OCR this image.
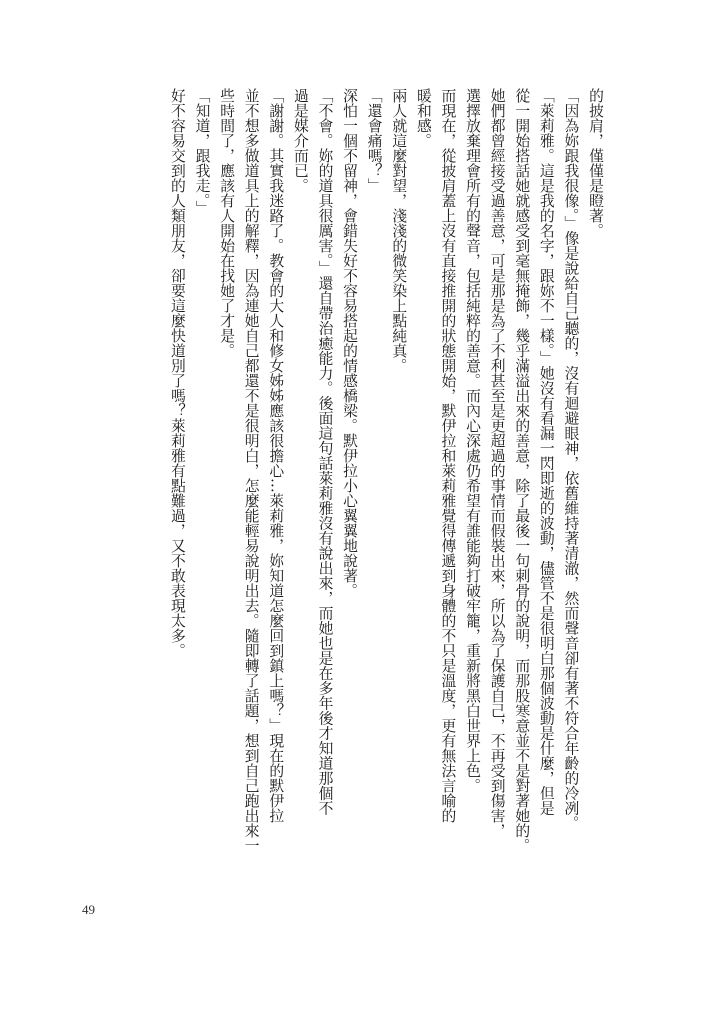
的披肩，僅僅是瞪著。
「因為妳跟我很像。」像是說給自己聽的，沒有迴避眼神，依舊維持著清澈，然而聲音卻有著不符合年齡的冷冽。
「萊莉雅。這是我的名字，跟妳不一樣。」她沒有看漏一閃即逝的波動，儘管不是很明白那個波動是什麼，但是
從一開始搭話她就感受到毫無掩飾，幾乎滿溢出來的善意，除了最後一句刺骨的說明，而那股寒意並不是對著她的。
她們都曾經接受過善意，可是那是為了不利甚至是更超過的事情而假裝出來，所以為了保護自己，不再受到傷害，
選擇放棄理會所有的聲音，包括純粹的善意。而內心深處仍希望有誰能夠打破牢籠，重新將黑白世界上色。
而現在，從披肩蓋上沒有直接推開的狀態開始，默伊拉和萊莉雅覺得傳遞到身體的不只是溫度，更有無法言喻的
暖和感。
兩人就這麼對望，淺淺的微笑染上點純真。
「還會痛嗎？」
深怕一個不留神，會錯失好不容易搭起的情感橋梁。默伊拉小心翼翼地說著。
「不會。妳的道具很厲害。」還自帶治癒能力。後面這句話萊莉雅沒有說出來，而她也是在多年後才知道那個不
過是媒介而已。
「謝謝。其實我迷路了。教會的大人和修女姊姊應該很擔心…萊莉雅，妳知道怎麼回到鎮上嗎？」現在的默伊拉
並不想多做道具上的解釋，因為連她自己都還不是很明白，怎麼能輕易說明出去。隨即轉了話題，想到自己跑出來一
些時間了，應該有人開始在找她了才是。
「知道，跟我走。」
好不容易交到的人類朋友，卻要這麼快道別了嗎？萊莉雅有點難過，又不敢表現太多。
49
